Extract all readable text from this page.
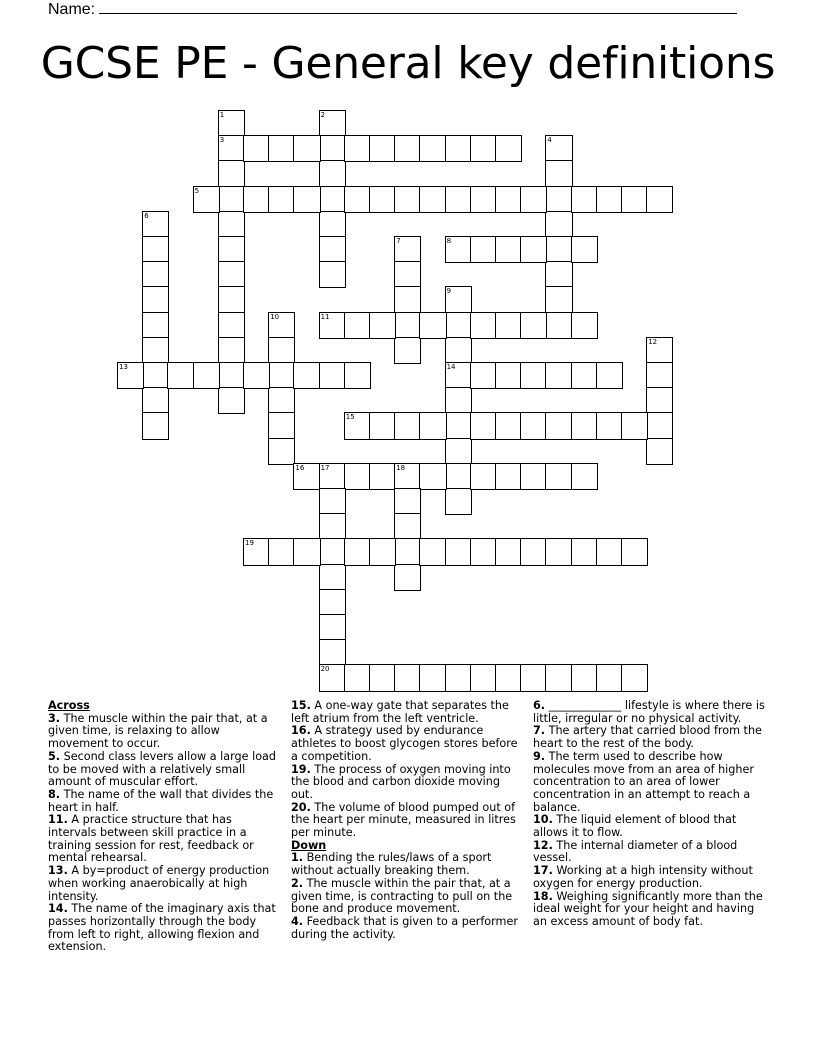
Name:
GCSE PE - General key definitions
1	2
3	4
5
6
7	8
9
10	11
12
13	14
15
16 17	18
19
20
Across
3. The muscle within the pair that, at a given time, is relaxing to allow movement to occur.
5. Second class levers allow a large load to be moved with a relatively small amount of muscular effort.
8. The name of the wall that divides the heart in half.
11. A practice structure that has intervals between skill practice in a training session for rest, feedback or mental rehearsal.
13. A by=product of energy production when working anaerobically at high intensity.
14. The name of the imaginary axis that passes horizontally through the body from left to right, allowing flexion and extension.
15. A one-way gate that separates the left atrium from the left ventricle.
16. A strategy used by endurance athletes to boost glycogen stores before a competition.
19. The process of oxygen moving into the blood and carbon dioxide moving out.
20. The volume of blood pumped out of the heart per minute, measured in litres per minute.
Down
1. Bending the rules/laws of a sport without actually breaking them.
2. The muscle within the pair that, at a given time, is contracting to pull on the bone and produce movement.
4. Feedback that is given to a performer during the activity.
6. _____________ lifestyle is where there is little, irregular or no physical activity.
7. The artery that carried blood from the heart to the rest of the body.
9. The term used to describe how molecules move from an area of higher concentration to an area of lower concentration in an attempt to reach a balance.
10. The liquid element of blood that allows it to flow.
12. The internal diameter of a blood vessel.
17. Working at a high intensity without oxygen for energy production.
18. Weighing significantly more than the ideal weight for your height and having an excess amount of body fat.
